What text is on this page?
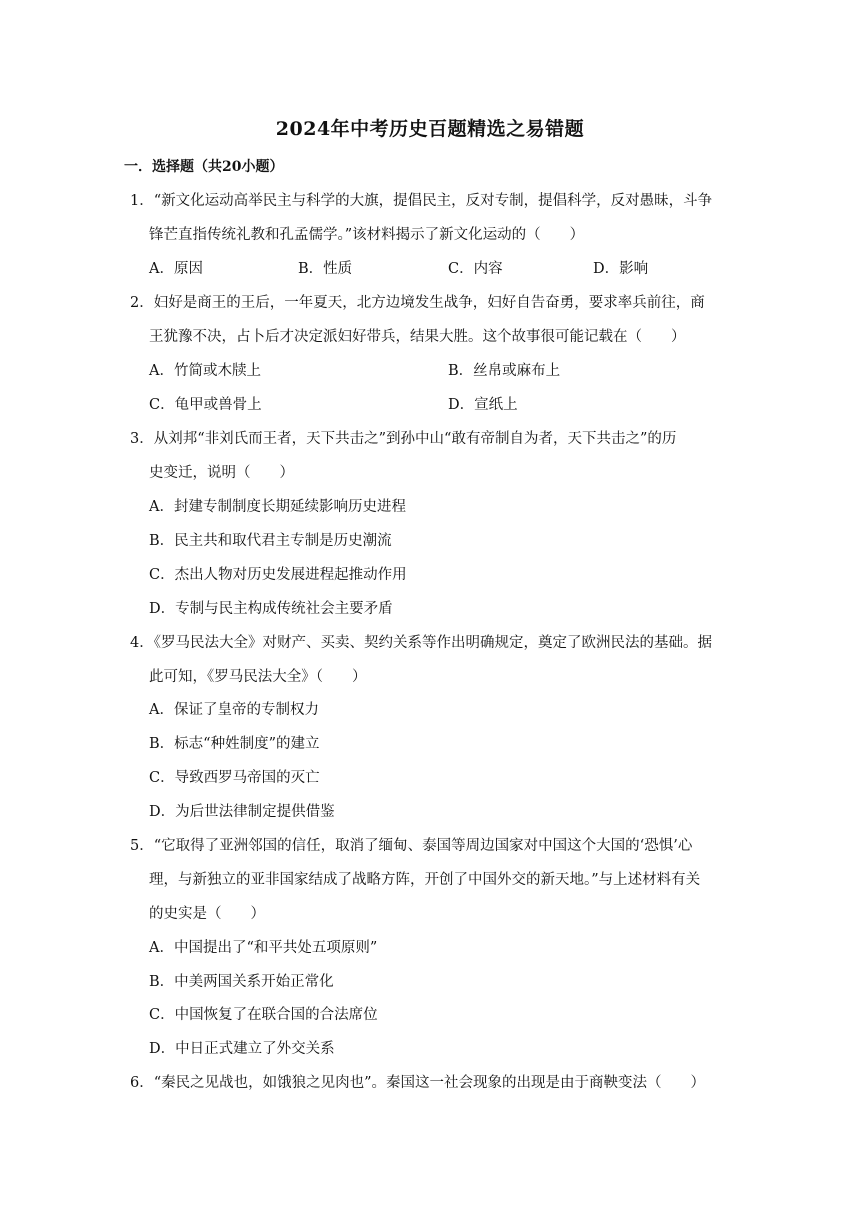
2024年中考历史百题精选之易错题
一．选择题（共20小题）
1．“新文化运动高举民主与科学的大旗，提倡民主，反对专制，提倡科学，反对愚昧，斗争
锋芒直指传统礼教和孔孟儒学。”该材料揭示了新文化运动的（　　）
A．原因	B．性质	C．内容	D．影响
2．妇好是商王的王后，一年夏天，北方边境发生战争，妇好自告奋勇，要求率兵前往，商
王犹豫不决，占卜后才决定派妇好带兵，结果大胜。这个故事很可能记载在（　　）
A．竹简或木牍上	B．丝帛或麻布上
C．龟甲或兽骨上	D．宣纸上
3．从刘邦“非刘氏而王者，天下共击之”到孙中山“敢有帝制自为者，天下共击之”的历
史变迁，说明（　　）
A．封建专制制度长期延续影响历史进程
B．民主共和取代君主专制是历史潮流
C．杰出人物对历史发展进程起推动作用
D．专制与民主构成传统社会主要矛盾
4．《罗马民法大全》对财产、买卖、契约关系等作出明确规定，奠定了欧洲民法的基础。据
此可知，《罗马民法大全》（　　）
A．保证了皇帝的专制权力
B．标志“种姓制度”的建立
C．导致西罗马帝国的灭亡
D．为后世法律制定提供借鉴
5．“它取得了亚洲邻国的信任，取消了缅甸、泰国等周边国家对中国这个大国的‘恐惧’心
理，与新独立的亚非国家结成了战略方阵，开创了中国外交的新天地。”与上述材料有关
的史实是（　　）
A．中国提出了“和平共处五项原则”
B．中美两国关系开始正常化
C．中国恢复了在联合国的合法席位
D．中日正式建立了外交关系
6．“秦民之见战也，如饿狼之见肉也”。秦国这一社会现象的出现是由于商鞅变法（　　）
